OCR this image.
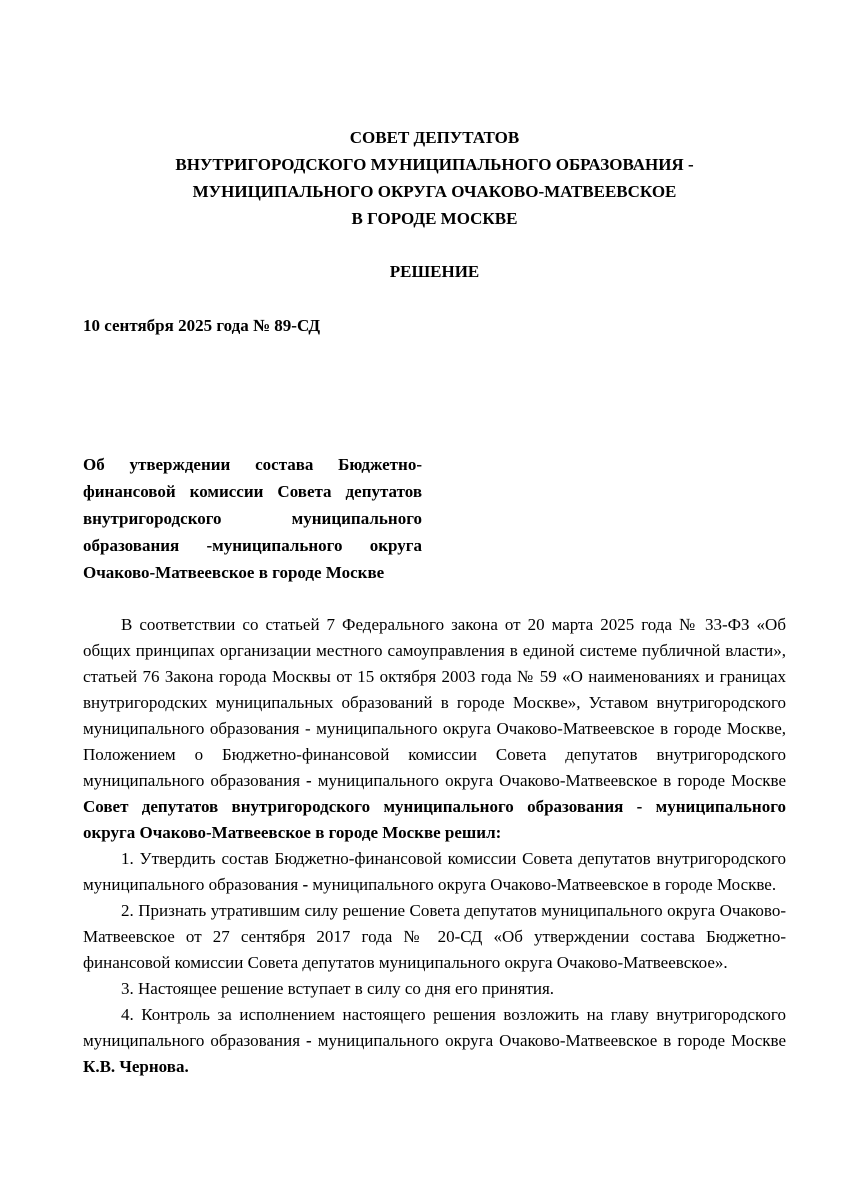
СОВЕТ ДЕПУТАТОВ
ВНУТРИГОРОДСКОГО МУНИЦИПАЛЬНОГО ОБРАЗОВАНИЯ -
МУНИЦИПАЛЬНОГО ОКРУГА ОЧАКОВО-МАТВЕЕВСКОЕ
В ГОРОДЕ МОСКВЕ
РЕШЕНИЕ
10 сентября 2025 года № 89-СД
Об утверждении состава Бюджетно-финансовой комиссии Совета депутатов внутригородского муниципального образования -муниципального округа Очаково-Матвеевское в городе Москве

В соответствии со статьей 7 Федерального закона от 20 марта 2025 года № 33-ФЗ «Об общих принципах организации местного самоуправления в единой системе публичной власти», статьей 76 Закона города Москвы от 15 октября 2003 года № 59 «О наименованиях и границах внутригородских муниципальных образований в городе Москве», Уставом внутригородского муниципального образования - муниципального округа Очаково-Матвеевское в городе Москве, Положением о Бюджетно-финансовой комиссии Совета депутатов внутригородского муниципального образования - муниципального округа Очаково-Матвеевское в городе Москве Совет депутатов внутригородского муниципального образования - муниципального округа Очаково-Матвеевское в городе Москве решил:

1. Утвердить состав Бюджетно-финансовой комиссии Совета депутатов внутригородского муниципального образования - муниципального округа Очаково-Матвеевское в городе Москве.

2. Признать утратившим силу решение Совета депутатов муниципального округа Очаково-Матвеевское от 27 сентября 2017 года № 20-СД «Об утверждении состава Бюджетно-финансовой комиссии Совета депутатов муниципального округа Очаково-Матвеевское».

3. Настоящее решение вступает в силу со дня его принятия.

4. Контроль за исполнением настоящего решения возложить на главу внутригородского муниципального образования - муниципального округа Очаково-Матвеевское в городе Москве К.В. Чернова.
